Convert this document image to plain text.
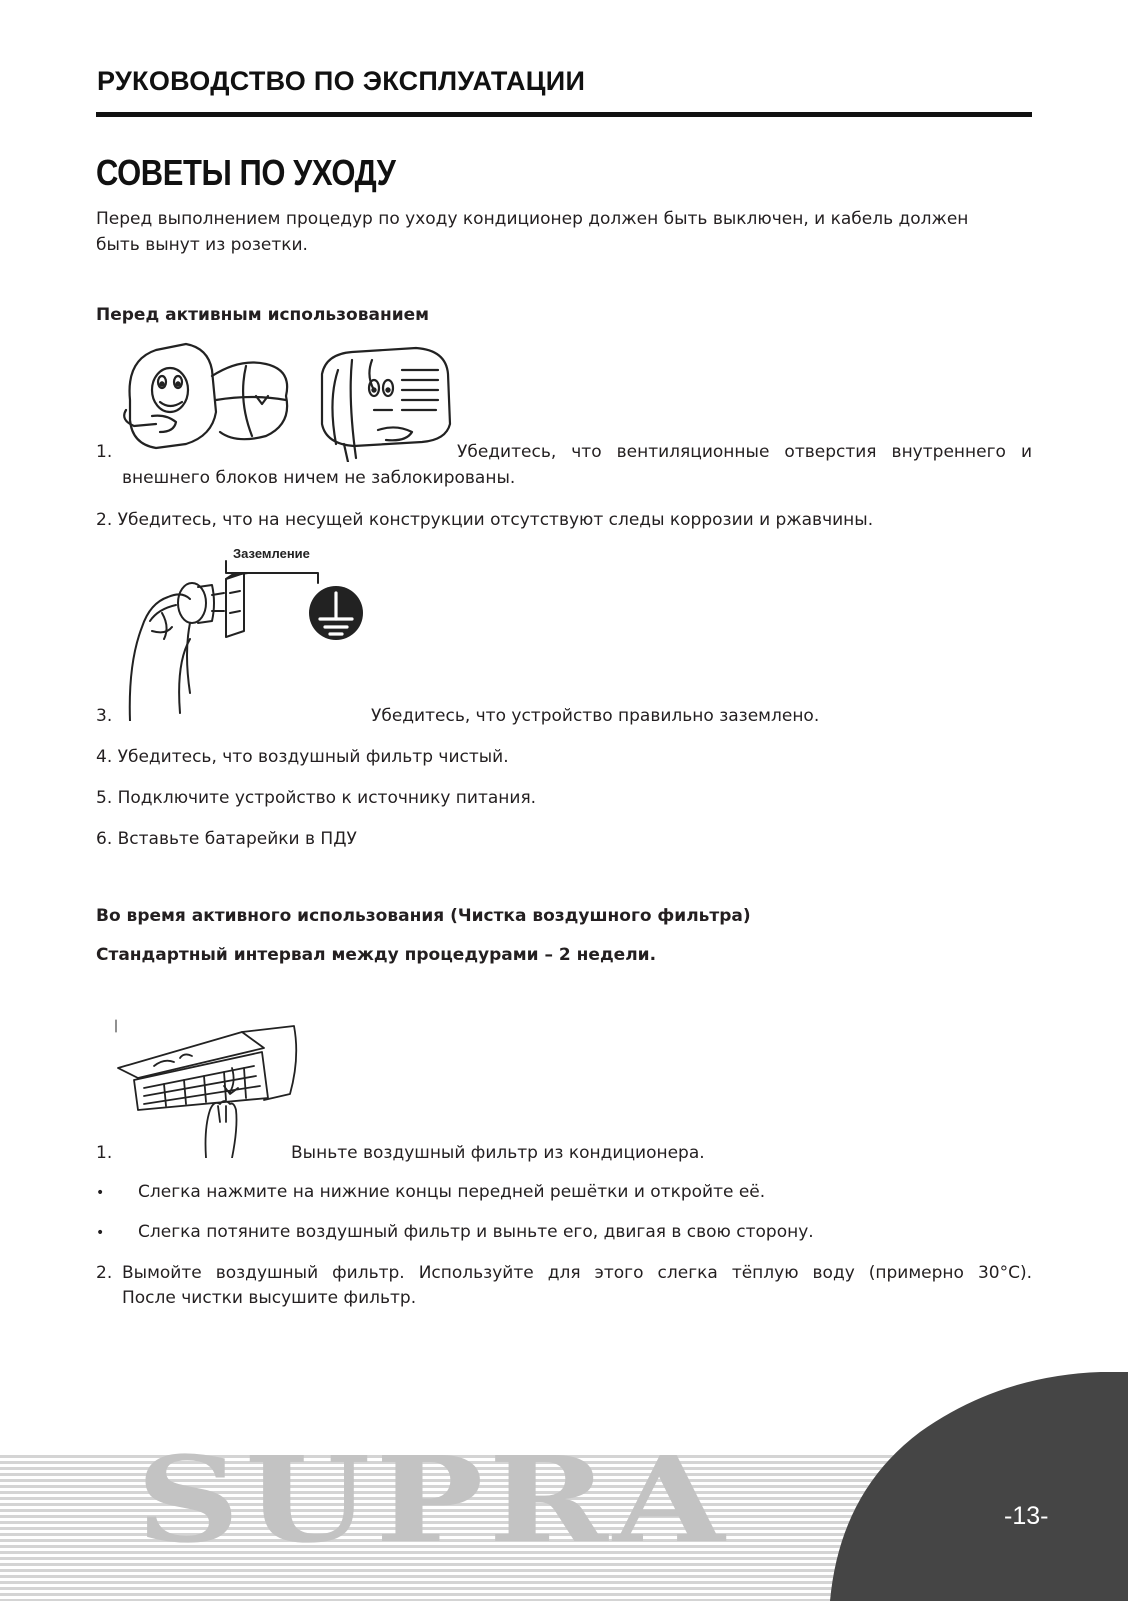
РУКОВОДСТВО ПО ЭКСПЛУАТАЦИИ
СОВЕТЫ ПО УХОДУ
Перед выполнением процедур по уходу кондиционер должен быть выключен, и кабель должен
быть вынут из розетки.
Перед активным использованием
1.	Убедитесь, что вентиляционные отверстия внутреннего и
внешнего блоков ничем не заблокированы.
2. Убедитесь, что на несущей конструкции отсутствуют следы коррозии и ржавчины.
Заземление
3.	Убедитесь, что устройство правильно заземлено.
4. Убедитесь, что воздушный фильтр чистый.
5. Подключите устройство к источнику питания.
6. Вставьте батарейки в ПДУ
Во время активного использования (Чистка воздушного фильтра)
Стандартный интервал между процедурами – 2 недели.
1.	Выньте воздушный фильтр из кондиционера.
• Слегка нажмите на нижние концы передней решётки и откройте её.
• Слегка потяните воздушный фильтр и выньте его, двигая в свою сторону.
2. Вымойте воздушный фильтр. Используйте для этого слегка тёплую воду (примерно 30°C).
После чистки высушите фильтр.
SUPRA	-13-
